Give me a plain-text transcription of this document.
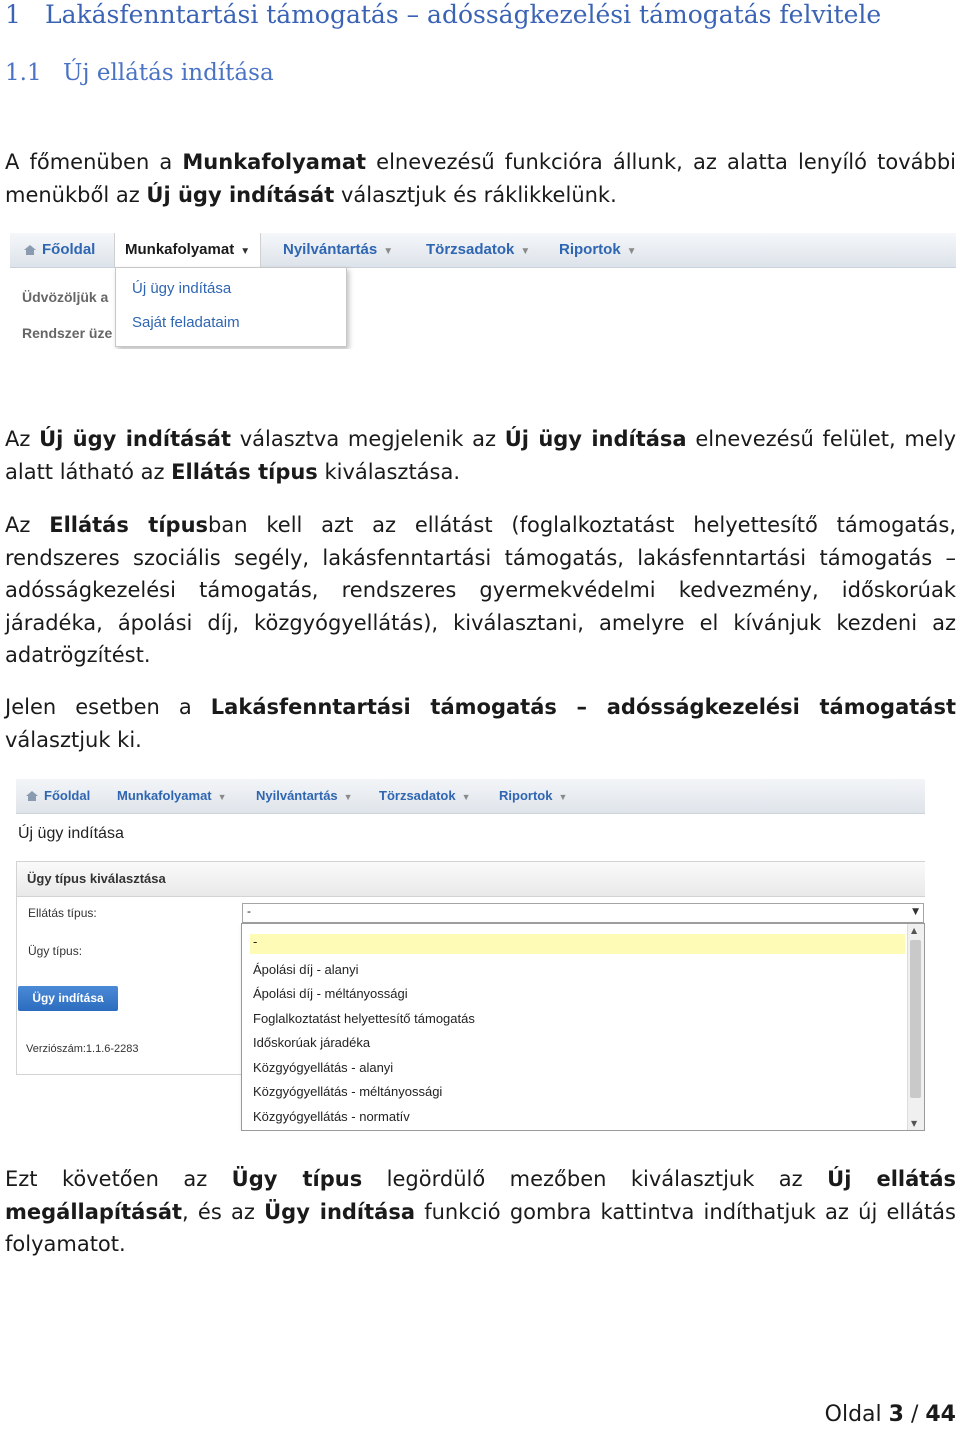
1 Lakásfenntartási támogatás – adósságkezelési támogatás felvitele
1.1 Új ellátás indítása

A főmenüben a Munkafolyamat elnevezésű funkcióra állunk, az alatta lenyíló további menükből az Új ügy indítását választjuk és ráklikkelünk.

Főoldal	Munkafolyamat ▼	Nyilvántartás ▼ Törzsadatok ▼ Riportok ▼
Üdvözöljük a
Rendszer üze
Új ügy indítása
Saját feladataim

Az Új ügy indítását választva megjelenik az Új ügy indítása elnevezésű felület, mely alatt látható az Ellátás típus kiválasztása.

Az Ellátás típusban kell azt az ellátást (foglalkoztatást helyettesítő támogatás, rendszeres szociális segély, lakásfenntartási támogatás, lakásfenntartási támogatás – adósságkezelési támogatás, rendszeres gyermekvédelmi kedvezmény, időskorúak járadéka, ápolási díj, közgyógyellátás), kiválasztani, amelyre el kívánjuk kezdeni az adatrögzítést.

Jelen esetben a Lakásfenntartási támogatás – adósságkezelési támogatást választjuk ki.

Főoldal Munkafolyamat ▼ Nyilvántartás ▼ Törzsadatok ▼ Riportok ▼
Új ügy indítása
Ügy típus kiválasztása
Ellátás típus:
Ügy típus:
-	▼
Ügy indítása
Verziószám:1.1.6-2283
-
Ápolási díj - alanyi
Ápolási díj - méltányossági
Foglalkoztatást helyettesítő támogatás
Időskorúak járadéka
Közgyógyellátás - alanyi
Közgyógyellátás - méltányossági
Közgyógyellátás - normatív
▲
▼

Ezt követően az Ügy típus legördülő mezőben kiválasztjuk az Új ellátás megállapítását, és az Ügy indítása funkció gombra kattintva indíthatjuk az új ellátás folyamatot.

Oldal 3 / 44
